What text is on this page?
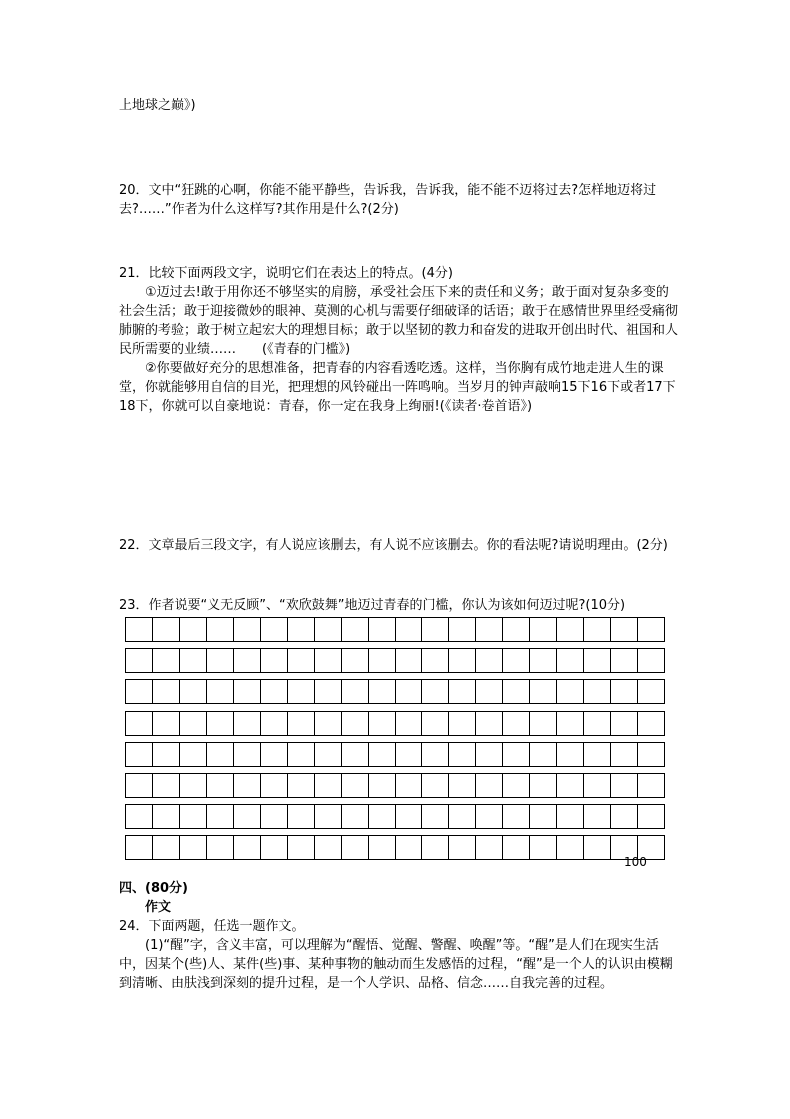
上地球之巅》)

20．文中“狂跳的心啊，你能不能平静些，告诉我，告诉我，能不能不迈将过去?怎样地迈将过去?……”作者为什么这样写?其作用是什么?(2分)

21．比较下面两段文字，说明它们在表达上的特点。(4分)

①迈过去!敢于用你还不够坚实的肩膀，承受社会压下来的责任和义务；敢于面对复杂多变的社会生活；敢于迎接微妙的眼神、莫测的心机与需要仔细破译的话语；敢于在感情世界里经受痛彻肺腑的考验；敢于树立起宏大的理想目标；敢于以坚韧的教力和奋发的进取开创出时代、祖国和人民所需要的业绩……　　(《青春的门槛》)

②你要做好充分的思想准备，把青春的内容看透吃透。这样，当你胸有成竹地走进人生的课堂，你就能够用自信的目光，把理想的风铃碰出一阵鸣响。当岁月的钟声敲响15下16下或者17下18下，你就可以自豪地说：青春，你一定在我身上绚丽!(《读者·卷首语》)

22．文章最后三段文字，有人说应该删去，有人说不应该删去。你的看法呢?请说明理由。(2分)

23．作者说要“义无反顾”、“欢欣鼓舞”地迈过青春的门槛，你认为该如何迈过呢?(10分)

100

四、(80分)

作文

24．下面两题，任选一题作文。

(1)“醒”字，含义丰富，可以理解为“醒悟、觉醒、警醒、唤醒”等。“醒”是人们在现实生活中，因某个(些)人、某件(些)事、某种事物的触动而生发感悟的过程，“醒”是一个人的认识由模糊到清晰、由肤浅到深刻的提升过程，是一个人学识、品格、信念……自我完善的过程。
